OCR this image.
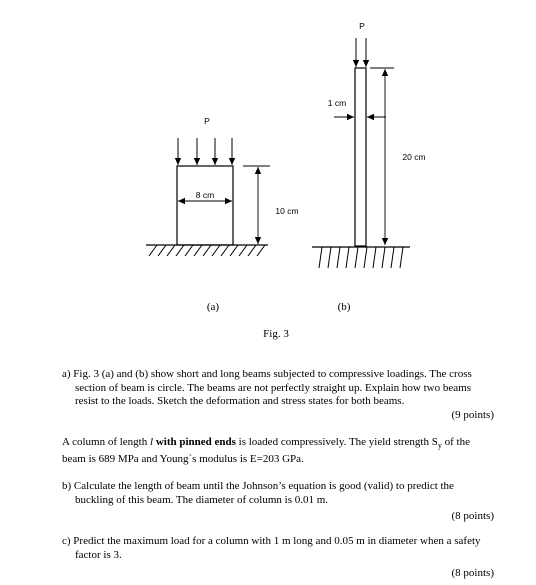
P
8 cm
10 cm
P
1 cm
20 cm
(a)	(b)
Fig. 3
a) Fig. 3 (a) and (b) show short and long beams subjected to compressive loadings. The cross section of beam is circle. The beams are not perfectly straight up. Explain how two beams resist to the loads. Sketch the deformation and stress states for both beams.
(9 points)
A column of length l with pinned ends is loaded compressively. The yield strength $S_y$ of the beam is 689 MPa and Young`s modulus is E=203 GPa.
b) Calculate the length of beam until the Johnson’s equation is good (valid) to predict the buckling of this beam. The diameter of column is 0.01 m.
(8 points)
c) Predict the maximum load for a column with 1 m long and 0.05 m in diameter when a safety factor is 3.
(8 points)
